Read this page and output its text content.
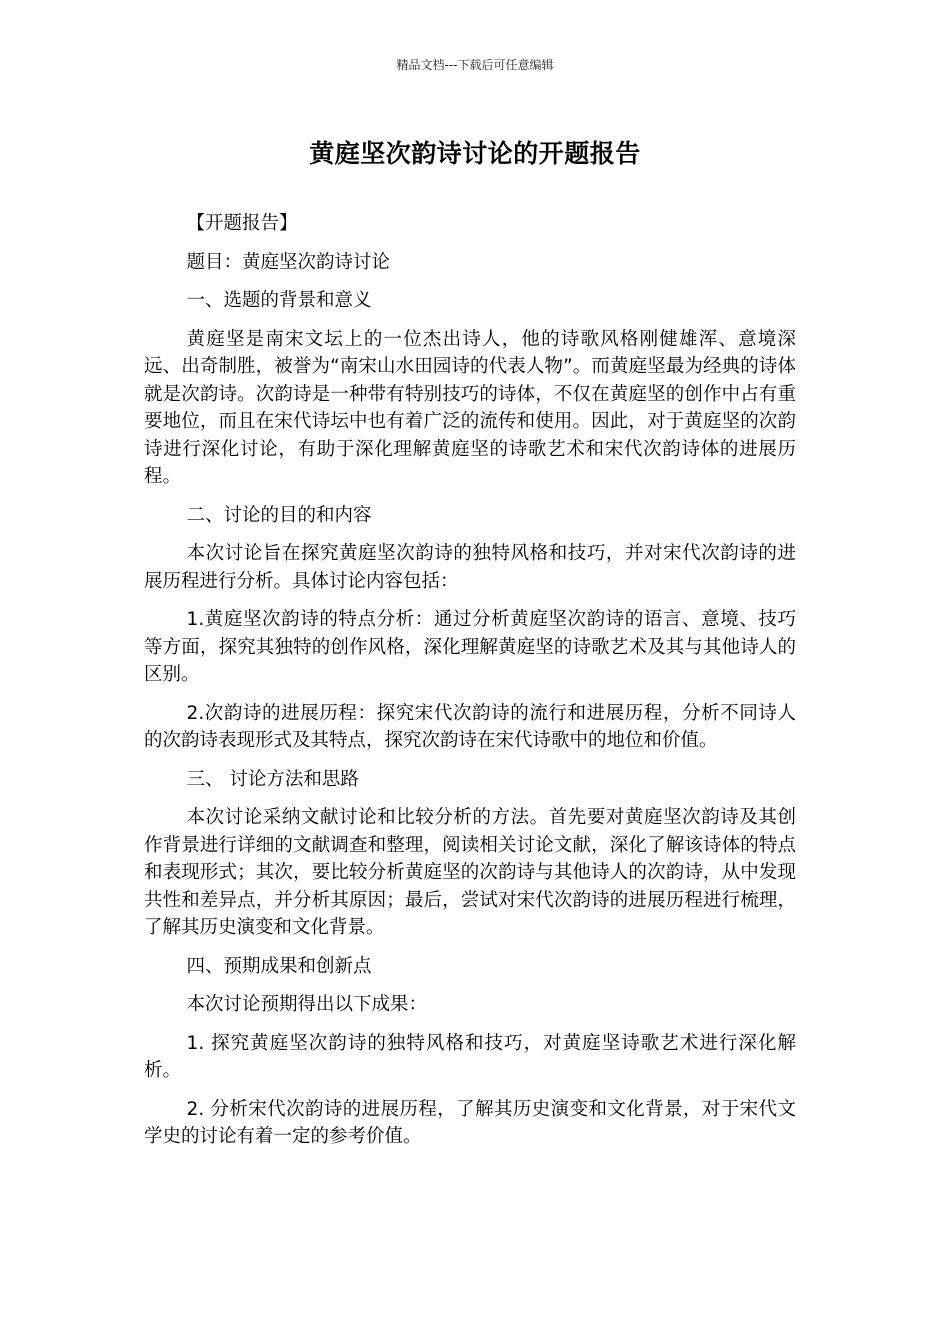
精品文档---下载后可任意编辑
黄庭坚次韵诗讨论的开题报告

【开题报告】

题目：黄庭坚次韵诗讨论

一、选题的背景和意义

黄庭坚是南宋文坛上的一位杰出诗人，他的诗歌风格刚健雄浑、意境深远、出奇制胜，被誉为“南宋山水田园诗的代表人物”。而黄庭坚最为经典的诗体就是次韵诗。次韵诗是一种带有特别技巧的诗体，不仅在黄庭坚的创作中占有重要地位，而且在宋代诗坛中也有着广泛的流传和使用。因此，对于黄庭坚的次韵诗进行深化讨论，有助于深化理解黄庭坚的诗歌艺术和宋代次韵诗体的进展历程。

二、讨论的目的和内容

本次讨论旨在探究黄庭坚次韵诗的独特风格和技巧，并对宋代次韵诗的进展历程进行分析。具体讨论内容包括：

1.黄庭坚次韵诗的特点分析：通过分析黄庭坚次韵诗的语言、意境、技巧等方面，探究其独特的创作风格，深化理解黄庭坚的诗歌艺术及其与其他诗人的区别。

2.次韵诗的进展历程：探究宋代次韵诗的流行和进展历程，分析不同诗人的次韵诗表现形式及其特点，探究次韵诗在宋代诗歌中的地位和价值。

三、 讨论方法和思路

本次讨论采纳文献讨论和比较分析的方法。首先要对黄庭坚次韵诗及其创作背景进行详细的文献调查和整理，阅读相关讨论文献，深化了解该诗体的特点和表现形式；其次，要比较分析黄庭坚的次韵诗与其他诗人的次韵诗，从中发现共性和差异点，并分析其原因；最后，尝试对宋代次韵诗的进展历程进行梳理，了解其历史演变和文化背景。

四、预期成果和创新点

本次讨论预期得出以下成果：

1. 探究黄庭坚次韵诗的独特风格和技巧，对黄庭坚诗歌艺术进行深化解析。

2. 分析宋代次韵诗的进展历程，了解其历史演变和文化背景，对于宋代文学史的讨论有着一定的参考价值。
